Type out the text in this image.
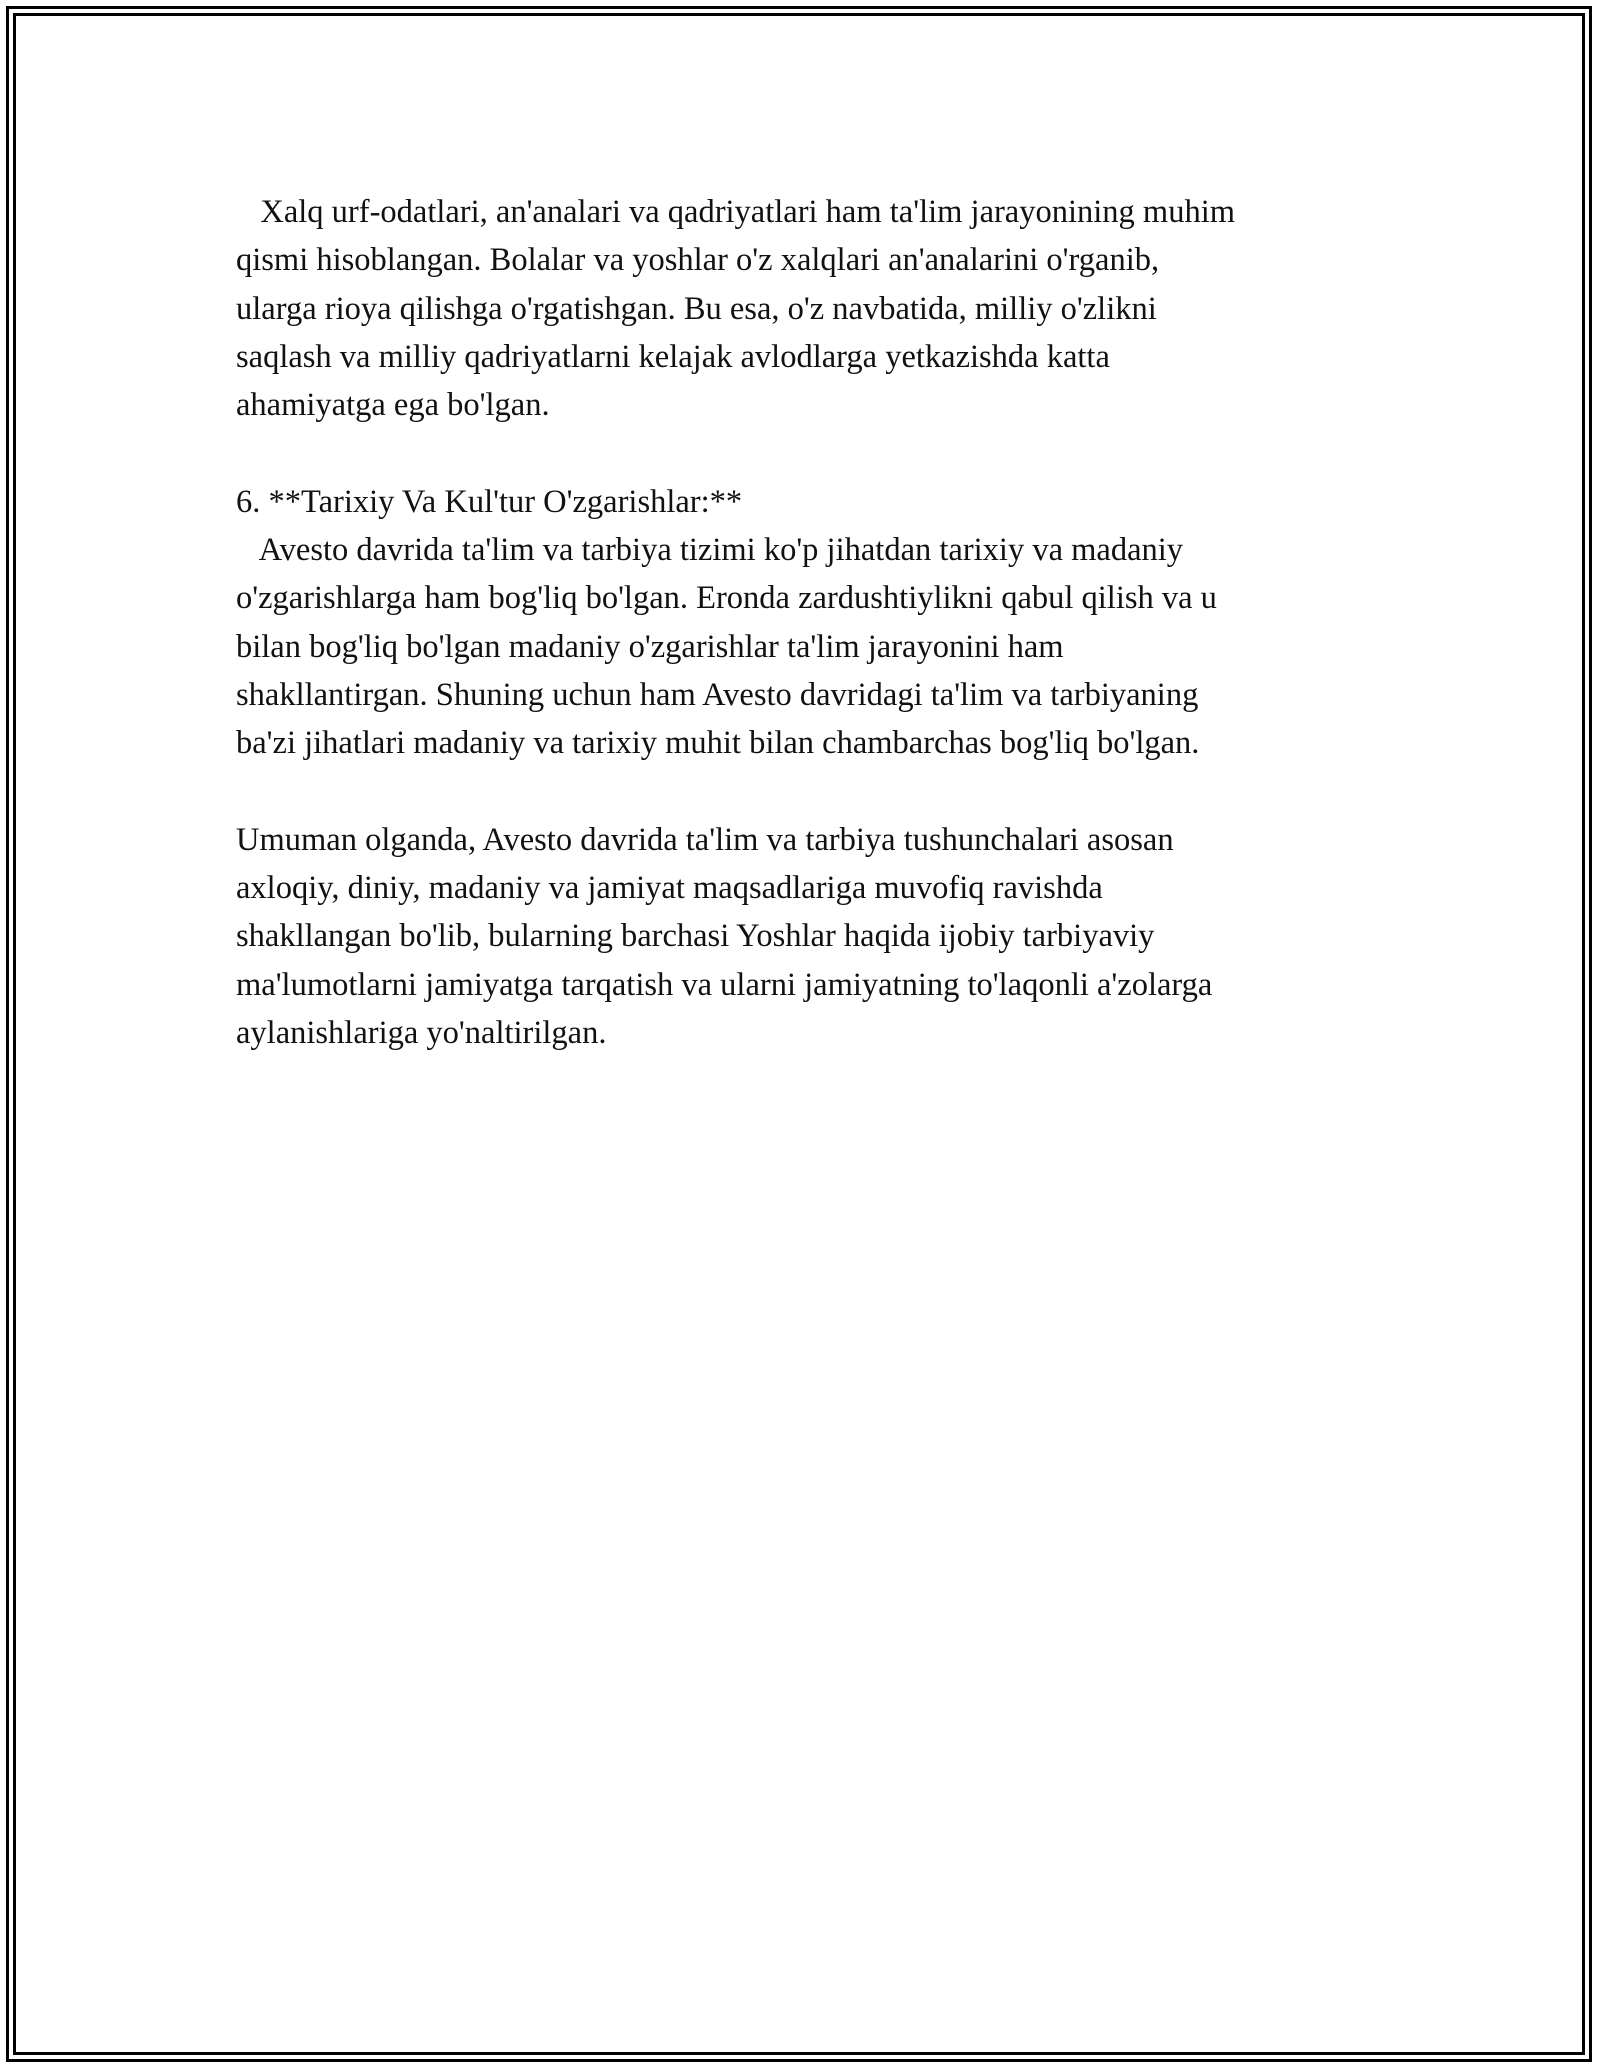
Xalq urf-odatlari, an'analari va qadriyatlari ham ta'lim jarayonining muhim
qismi hisoblangan. Bolalar va yoshlar o'z xalqlari an'analarini o'rganib,
ularga rioya qilishga o'rgatishgan. Bu esa, o'z navbatida, milliy o'zlikni
saqlash va milliy qadriyatlarni kelajak avlodlarga yetkazishda katta
ahamiyatga ega bo'lgan.
6. **Tarixiy Va Kul'tur O'zgarishlar:**
Avesto davrida ta'lim va tarbiya tizimi ko'p jihatdan tarixiy va madaniy
o'zgarishlarga ham bog'liq bo'lgan. Eronda zardushtiylikni qabul qilish va u
bilan bog'liq bo'lgan madaniy o'zgarishlar ta'lim jarayonini ham
shakllantirgan. Shuning uchun ham Avesto davridagi ta'lim va tarbiyaning
ba'zi jihatlari madaniy va tarixiy muhit bilan chambarchas bog'liq bo'lgan.
Umuman olganda, Avesto davrida ta'lim va tarbiya tushunchalari asosan
axloqiy, diniy, madaniy va jamiyat maqsadlariga muvofiq ravishda
shakllangan bo'lib, bularning barchasi Yoshlar haqida ijobiy tarbiyaviy
ma'lumotlarni jamiyatga tarqatish va ularni jamiyatning to'laqonli a'zolarga
aylanishlariga yo'naltirilgan.
